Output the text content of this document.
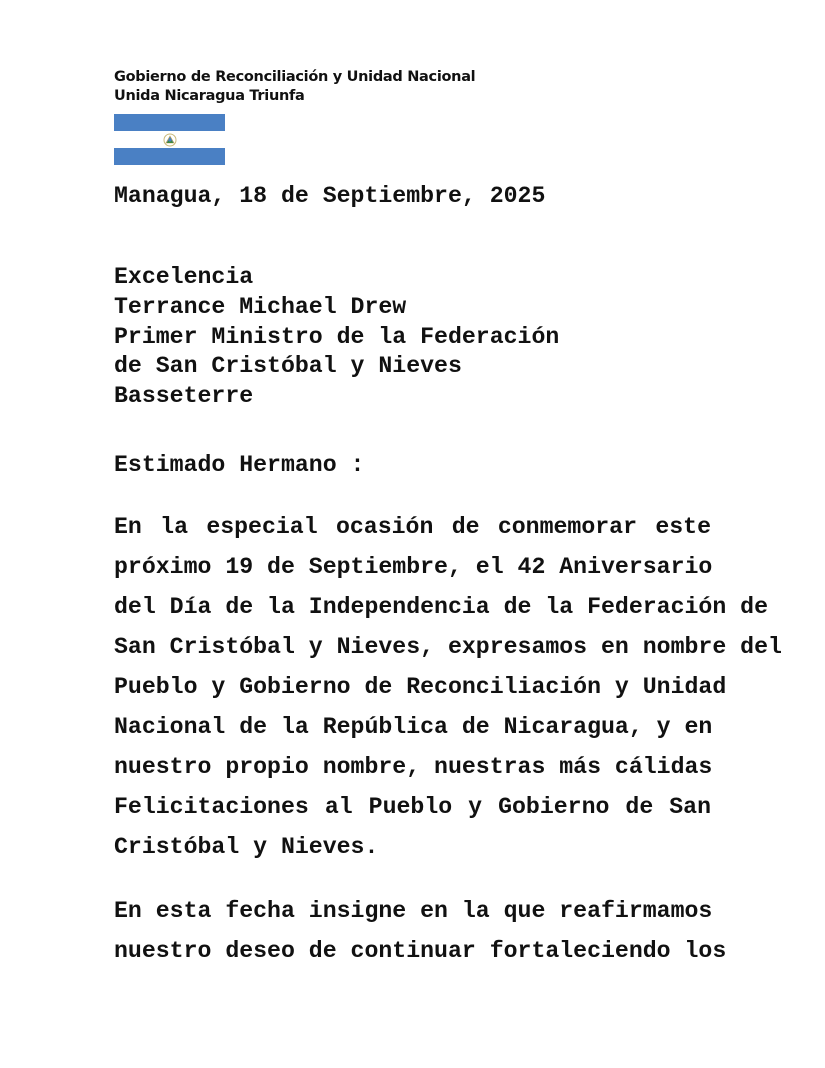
Gobierno de Reconciliación y Unidad Nacional
Unida Nicaragua Triunfa
Managua, 18 de Septiembre, 2025
Excelencia
Terrance Michael Drew
Primer Ministro de la Federación
de San Cristóbal y Nieves
Basseterre
Estimado Hermano :
En la especial ocasión de conmemorar este
próximo 19 de Septiembre, el 42 Aniversario
del Día de la Independencia de la Federación de
San Cristóbal y Nieves, expresamos en nombre del
Pueblo y Gobierno de Reconciliación y Unidad
Nacional de la República de Nicaragua, y en
nuestro propio nombre, nuestras más cálidas
Felicitaciones al Pueblo y Gobierno de San
Cristóbal y Nieves.
En esta fecha insigne en la que reafirmamos
nuestro deseo de continuar fortaleciendo los
